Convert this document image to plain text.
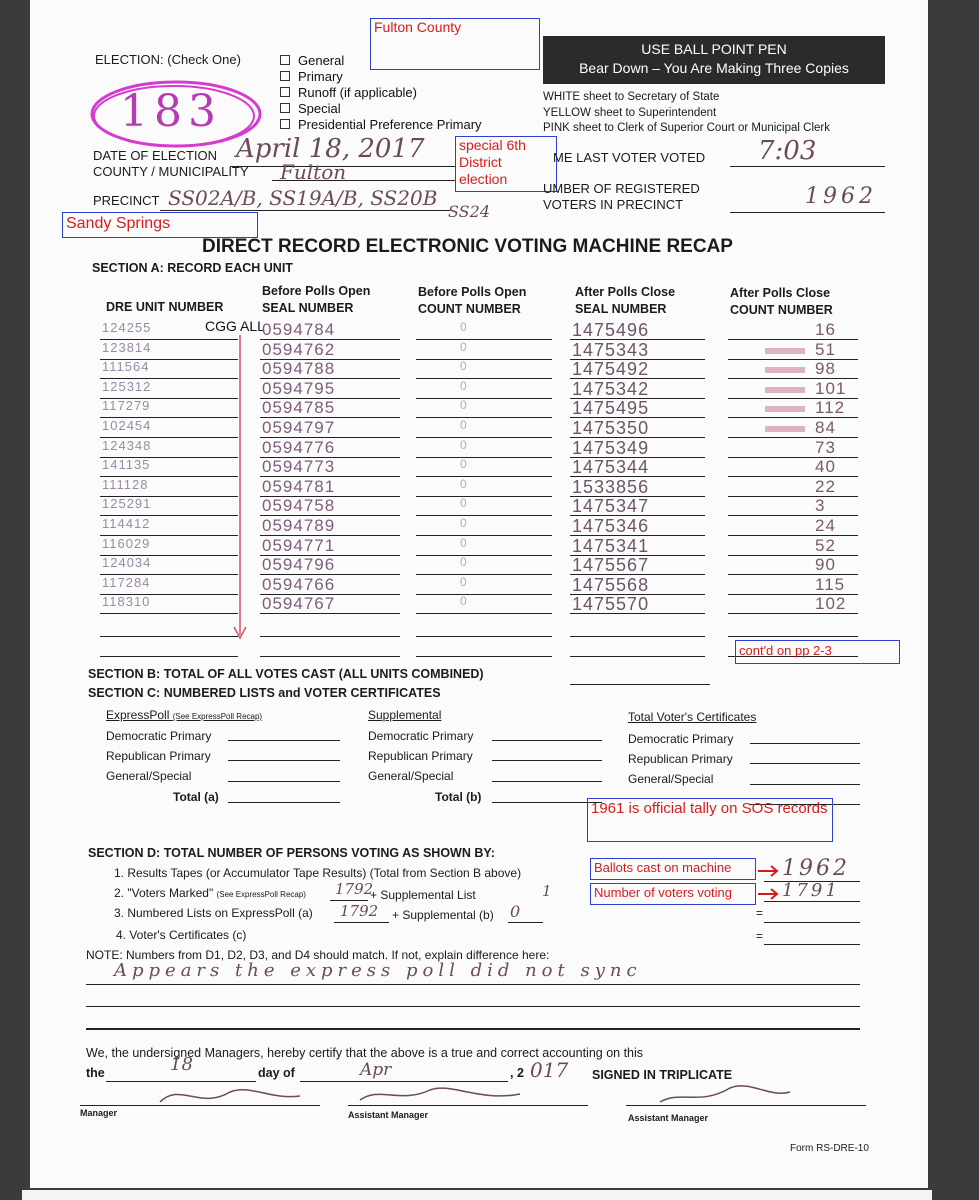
ELECTION: (Check One)	General
Primary
Runoff (if applicable)
Special
Presidential Preference Primary
183
Fulton County
USE BALL POINT PEN
Bear Down – You Are Making Three Copies
WHITE sheet to Secretary of State
YELLOW sheet to Superintendent
PINK sheet to Clerk of Superior Court or Municipal Clerk
DATE OF ELECTION April 18, 2017
COUNTY / MUNICIPALITY Fulton
PRECINCT SS02A/B, SS19A/B, SS20B
SS24
special 6th District election
Sandy Springs
ME LAST VOTER VOTED 7:03
UMBER OF REGISTERED
VOTERS IN PRECINCT	1962
DIRECT RECORD ELECTRONIC VOTING MACHINE RECAP
SECTION A: RECORD EACH UNIT
DRE UNIT NUMBER
Before Polls Open
SEAL NUMBER
Before Polls Open
COUNT NUMBER
After Polls Close
SEAL NUMBER
After Polls Close
COUNT NUMBER
CGG ALL
124255	0594784	0	1475496	16
123814	0594762	0	1475343	51
111564	0594788	0	1475492	98
125312	0594795	0	1475342	101
117279	0594785	0	1475495	112
102454	0594797	0	1475350	84
124348	0594776	0	1475349	73
141135	0594773	0	1475344	40
111128	0594781	0	1533856	22
125291	0594758	0	1475347	3
114412	0594789	0	1475346	24
116029	0594771	0	1475341	52
124034	0594796	0	1475567	90
117284	0594766	0	1475568	115
118310	0594767	0	1475570	102
cont'd on pp 2-3
SECTION B: TOTAL OF ALL VOTES CAST (ALL UNITS COMBINED)
SECTION C: NUMBERED LISTS and VOTER CERTIFICATES
ExpressPoll (See ExpressPoll Recap)	Supplemental	Total Voter's Certificates
Democratic Primary
Republican Primary
General/Special
Total (a)
Democratic Primary
Republican Primary
General/Special
Total (b)
Democratic Primary
Republican Primary
General/Special
1961 is official tally on SOS records
SECTION D: TOTAL NUMBER OF PERSONS VOTING AS SHOWN BY:
1. Results Tapes (or Accumulator Tape Results) (Total from Section B above)
2. "Voters Marked" (See ExpressPoll Recap) 1792
+ Supplemental List	1
3. Numbered Lists on ExpressPoll (a) 1792 + Supplemental (b) 0
4. Voter's Certificates (c)
=
=
Ballots cast on machine
Number of voters voting
1962
1791
NOTE: Numbers from D1, D2, D3, and D4 should match. If not, explain difference here:
Appears the express poll did not sync
We, the undersigned Managers, hereby certify that the above is a true and correct accounting on this
the	18	day of	Apr	, 2 017 SIGNED IN TRIPLICATE
Manager	Assistant Manager	Assistant Manager
Form RS-DRE-10
